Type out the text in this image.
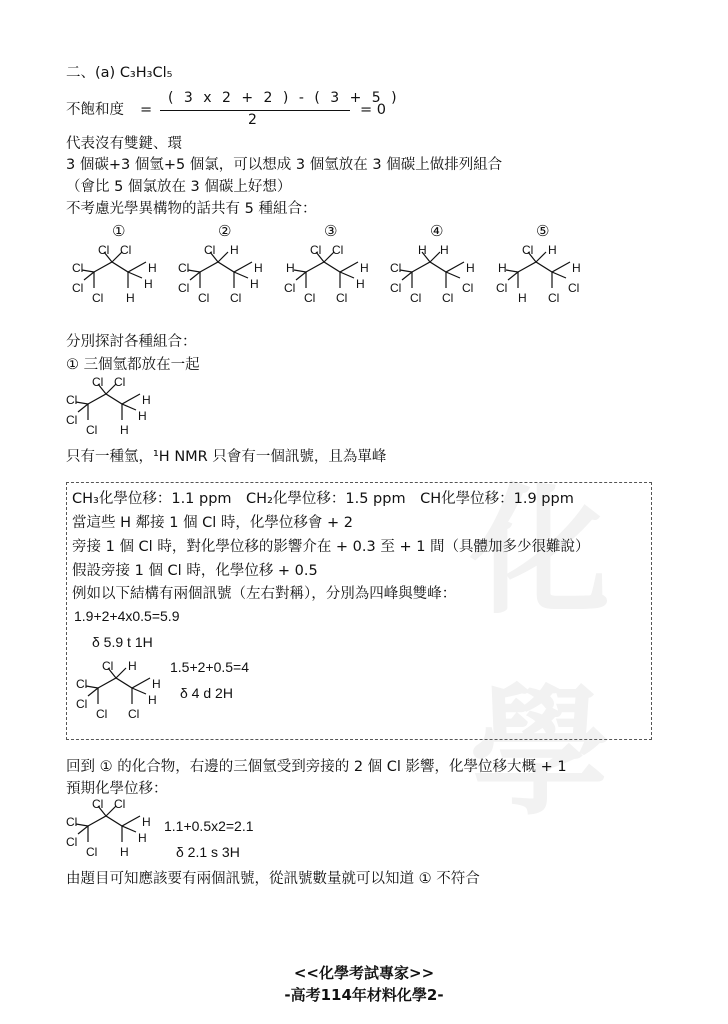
化學
二、(a) C₃H₃Cl₅
不飽和度 =
( 3 x 2 + 2 ) - ( 3 + 5 )
2
= 0
代表沒有雙鍵、環
3 個碳+3 個氫+5 個氯，可以想成 3 個氫放在 3 個碳上做排列組合
（會比 5 個氯放在 3 個碳上好想）
不考慮光學異構物的話共有 5 種組合：
①	②	③	④	⑤
Cl Cl
Cl
Cl
Cl
H
H
H
Cl H
Cl
Cl
Cl
H
H
Cl
Cl Cl
H
Cl
Cl
H
H
Cl
H H
Cl
Cl
Cl
H
Cl
Cl
Cl H
H
Cl
H
H
Cl
Cl
分別探討各種組合：
① 三個氫都放在一起
Cl Cl
Cl
Cl
Cl
H
H
H
只有一種氫，¹H NMR 只會有一個訊號，且為單峰
CH₃化學位移：1.1 ppm　CH₂化學位移：1.5 ppm　CH化學位移：1.9 ppm
當這些 H 鄰接 1 個 Cl 時，化學位移會 + 2
旁接 1 個 Cl 時，對化學位移的影響介在 + 0.3 至 + 1 間（具體加多少很難說）
假設旁接 1 個 Cl 時，化學位移 + 0.5
例如以下結構有兩個訊號（左右對稱），分別為四峰與雙峰：
1.9+2+4x0.5=5.9
δ 5.9 t 1H
Cl H
Cl
Cl
Cl
H
H
Cl
1.5+2+0.5=4
δ 4 d 2H
回到 ① 的化合物，右邊的三個氫受到旁接的 2 個 Cl 影響，化學位移大概 + 1
預期化學位移：
Cl Cl
Cl
Cl
Cl
H
H
H
1.1+0.5x2=2.1
δ 2.1 s 3H
由題目可知應該要有兩個訊號，從訊號數量就可以知道 ① 不符合
<<化學考試專家>>
-高考114年材料化學2-
